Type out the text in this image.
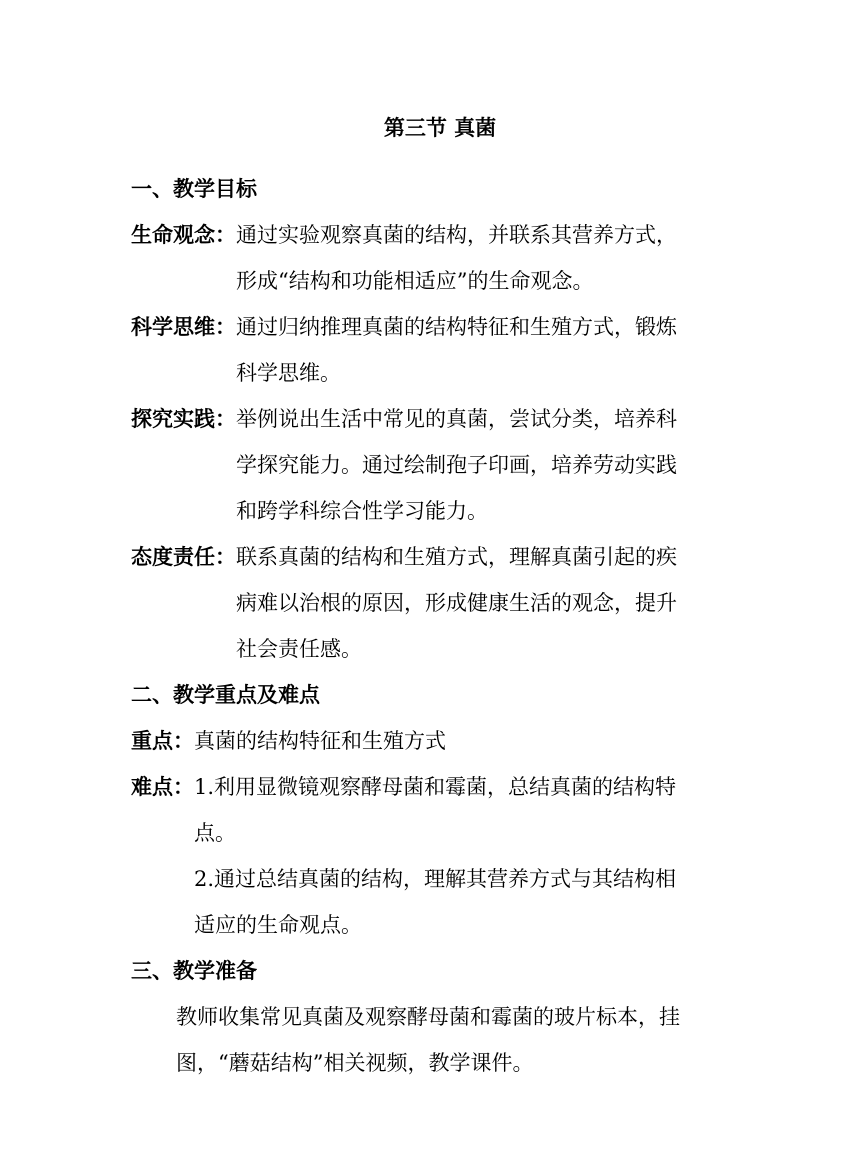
第三节 真菌
一、教学目标
生命观念： 通过实验观察真菌的结构，并联系其营养方式，
形成“结构和功能相适应”的生命观念。
科学思维： 通过归纳推理真菌的结构特征和生殖方式，锻炼
科学思维。
探究实践： 举例说出生活中常见的真菌，尝试分类，培养科
学探究能力。通过绘制孢子印画，培养劳动实践
和跨学科综合性学习能力。
态度责任： 联系真菌的结构和生殖方式，理解真菌引起的疾
病难以治根的原因，形成健康生活的观念，提升
社会责任感。
二、教学重点及难点
重点： 真菌的结构特征和生殖方式
难点： 1.利用显微镜观察酵母菌和霉菌，总结真菌的结构特
点。
2.通过总结真菌的结构，理解其营养方式与其结构相
适应的生命观点。
三、教学准备
教师收集常见真菌及观察酵母菌和霉菌的玻片标本，挂
图，“蘑菇结构”相关视频，教学课件。
